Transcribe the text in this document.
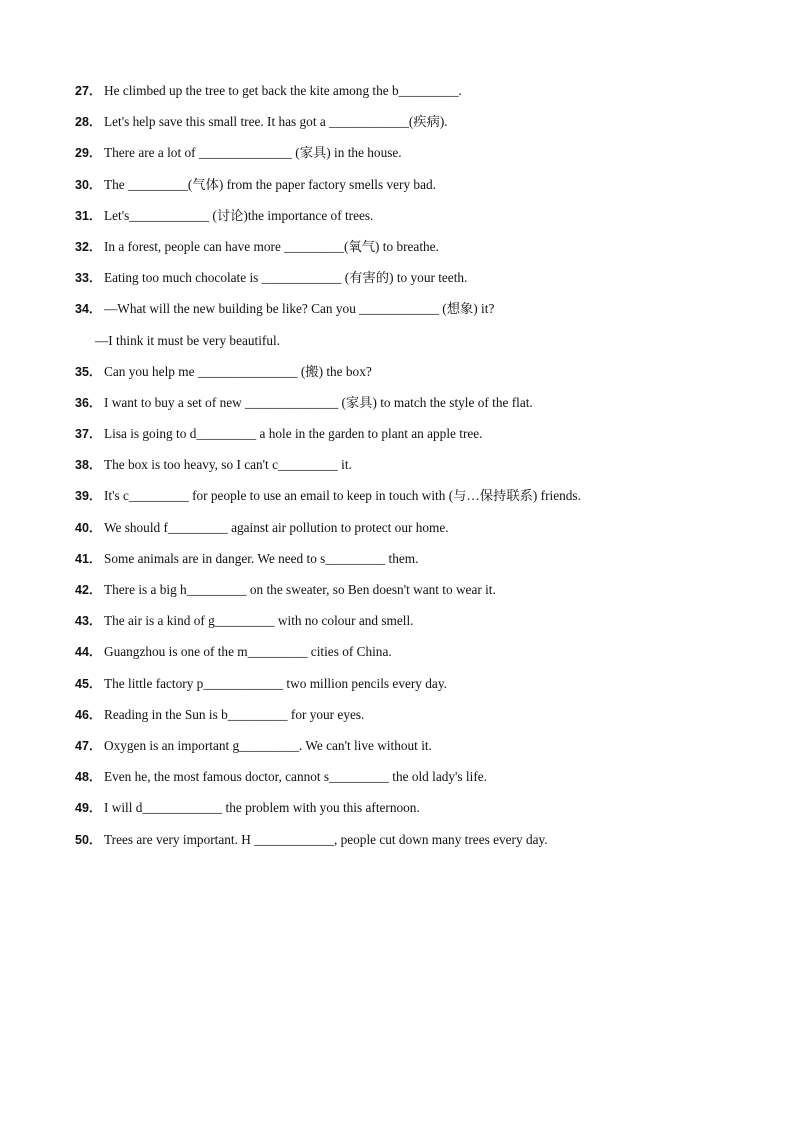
27． He climbed up the tree to get back the kite among the b_________.
28． Let's help save this small tree. It has got a ____________(疾病).
29． There are a lot of ______________ (家具) in the house.
30． The _________(气体) from the paper factory smells very bad.
31． Let's____________ (讨论)the importance of trees.
32． In a forest, people can have more _________(氧气) to breathe.
33． Eating too much chocolate is ____________ (有害的) to your teeth.
34． —What will the new building be like? Can you ____________ (想象) it?
—I think it must be very beautiful.
35． Can you help me _______________ (搬) the box?
36． I want to buy a set of new ______________ (家具) to match the style of the flat.
37． Lisa is going to d_________ a hole in the garden to plant an apple tree.
38． The box is too heavy, so I can't c_________ it.
39． It's c_________ for people to use an email to keep in touch with (与…保持联系) friends.
40． We should f_________ against air pollution to protect our home.
41． Some animals are in danger. We need to s_________ them.
42． There is a big h_________ on the sweater, so Ben doesn't want to wear it.
43． The air is a kind of g_________ with no colour and smell.
44． Guangzhou is one of the m_________ cities of China.
45． The little factory p____________ two million pencils every day.
46． Reading in the Sun is b_________ for your eyes.
47． Oxygen is an important g_________. We can't live without it.
48． Even he, the most famous doctor, cannot s_________ the old lady's life.
49． I will d____________ the problem with you this afternoon.
50． Trees are very important. H ____________, people cut down many trees every day.
